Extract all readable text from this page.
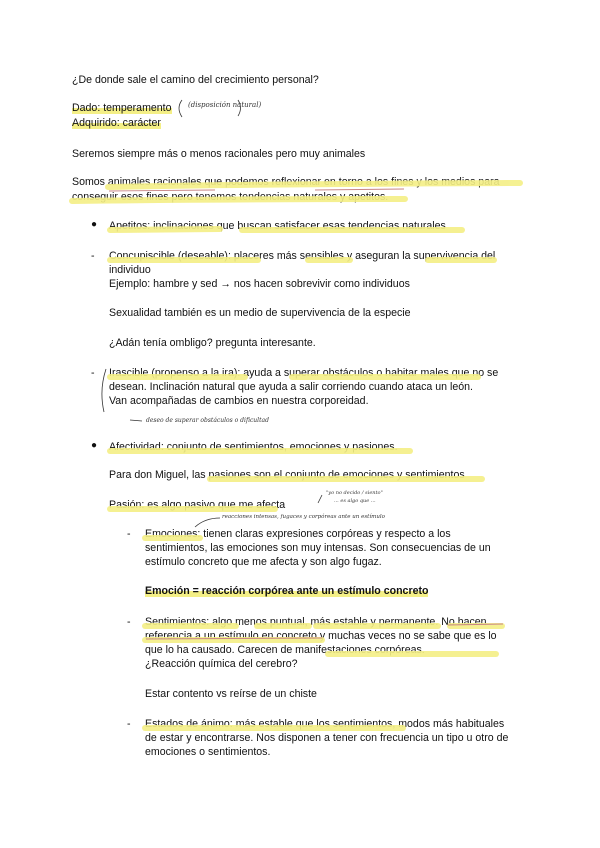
¿De donde sale el camino del crecimiento personal?
Dado: temperamento (disposición natural)
Adquirido: carácter
Seremos siempre más o menos racionales pero muy animales
Somos animales racionales que podemos reflexionar en torno a los fines y los medios para
conseguir esos fines pero tenemos tendencias naturales y apetitos.
● Apetitos: inclinaciones que buscan satisfacer esas tendencias naturales
- Concupiscible (deseable): placeres más sensibles y aseguran la supervivencia del
individuo
Ejemplo: hambre y sed → nos hacen sobrevivir como individuos
Sexualidad también es un medio de supervivencia de la especie
¿Adán tenía ombligo? pregunta interesante.
- Irascible (propenso a la ira): ayuda a superar obstáculos o habitar males que no se
desean. Inclinación natural que ayuda a salir corriendo cuando ataca un león.
Van acompañadas de cambios en nuestra corporeidad.
deseo de superar obstáculos o dificultad
● Afectividad: conjunto de sentimientos, emociones y pasiones.
Para don Miguel, las pasiones son el conjunto de emociones y sentimientos
Pasión: es algo pasivo que me afecta
"yo no decido / siento"
... es algo que ...
reacciones intensas, fugaces y corpóreas ante un estímulo
- Emociones: tienen claras expresiones corpóreas y respecto a los
sentimientos, las emociones son muy intensas. Son consecuencias de un
estímulo concreto que me afecta y son algo fugaz.
Emoción = reacción corpórea ante un estímulo concreto
- Sentimientos: algo menos puntual, más estable y permanente. No hacen
referencia a un estímulo en concreto y muchas veces no se sabe que es lo
que lo ha causado. Carecen de manifestaciones corpóreas.
¿Reacción química del cerebro?
Estar contento vs reírse de un chiste
- Estados de ánimo: más estable que los sentimientos, modos más habituales
de estar y encontrarse. Nos disponen a tener con frecuencia un tipo u otro de
emociones o sentimientos.
